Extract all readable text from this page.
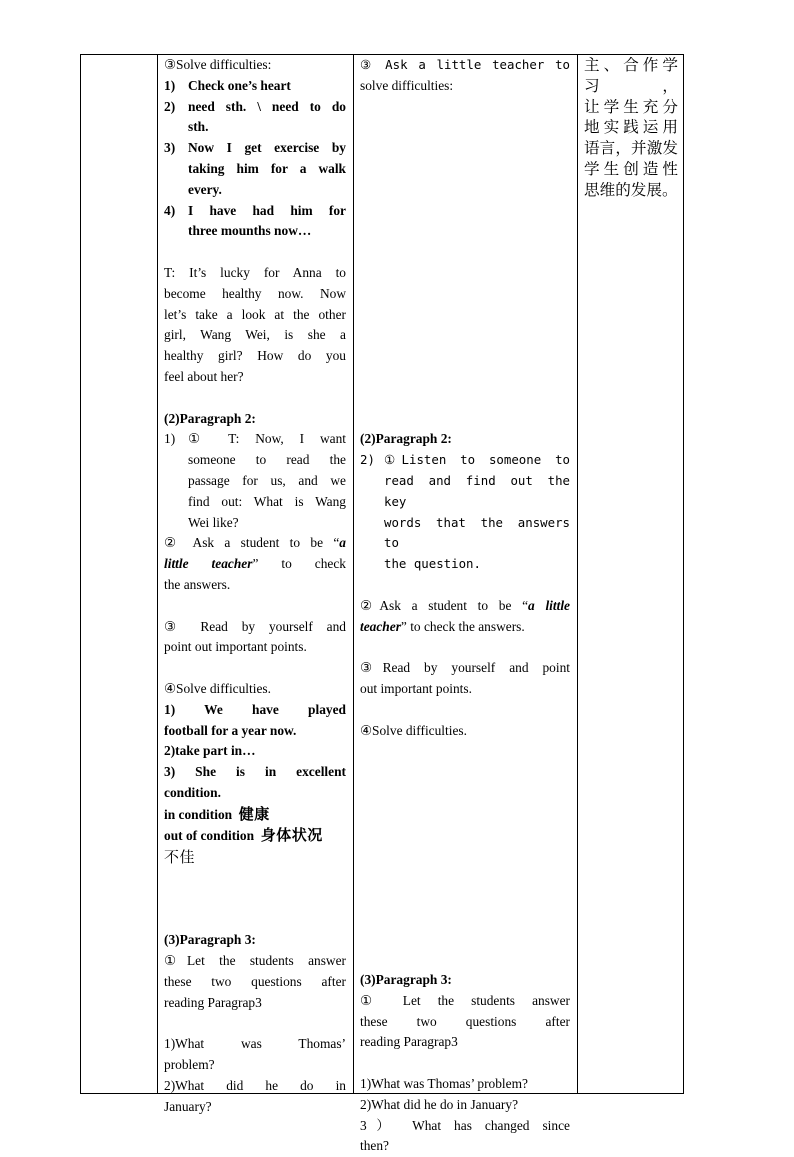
③Solve difficulties:
1) Check one’s heart
2) need sth. \ need to do
sth.
3) Now I get exercise by
taking him for a walk
every.
4) I have had him for
three mounths now…
T: It’s lucky for Anna to
become healthy now. Now
let’s take a look at the other
girl, Wang Wei, is she a
healthy girl? How do you
feel about her?
(2)Paragraph 2:
1) ① T: Now, I want
someone to read the
passage for us, and we
find out: What is Wang
Wei like?
② Ask a student to be “a
little teacher” to check
the answers.
③ Read by yourself and
point out important points.
④Solve difficulties.
1) We have played
football for a year now.
2)take part in…
3) She is in excellent
condition.
in condition 健康
out of condition 身体状况
不佳
(3)Paragraph 3:
①Let the students answer
these two questions after
reading Paragrap3
1)What was Thomas’
problem?
2)What did he do in
January?
③ Ask a little teacher to
solve difficulties:
(2)Paragraph 2:
2) ①Listen to someone to
read and find out the key
words that the answers to
the question.
②Ask a student to be “a little
teacher” to check the answers.
③Read by yourself and point
out important points.
④Solve difficulties.
(3)Paragraph 3:
① Let the students answer
these two questions after
reading Paragrap3
1)What was Thomas’ problem?
2)What did he do in January?
3） What has changed since
then?
主、合作学习，
让学生充分
地实践运用
语言，并激发
学生创造性
思维的发展。
